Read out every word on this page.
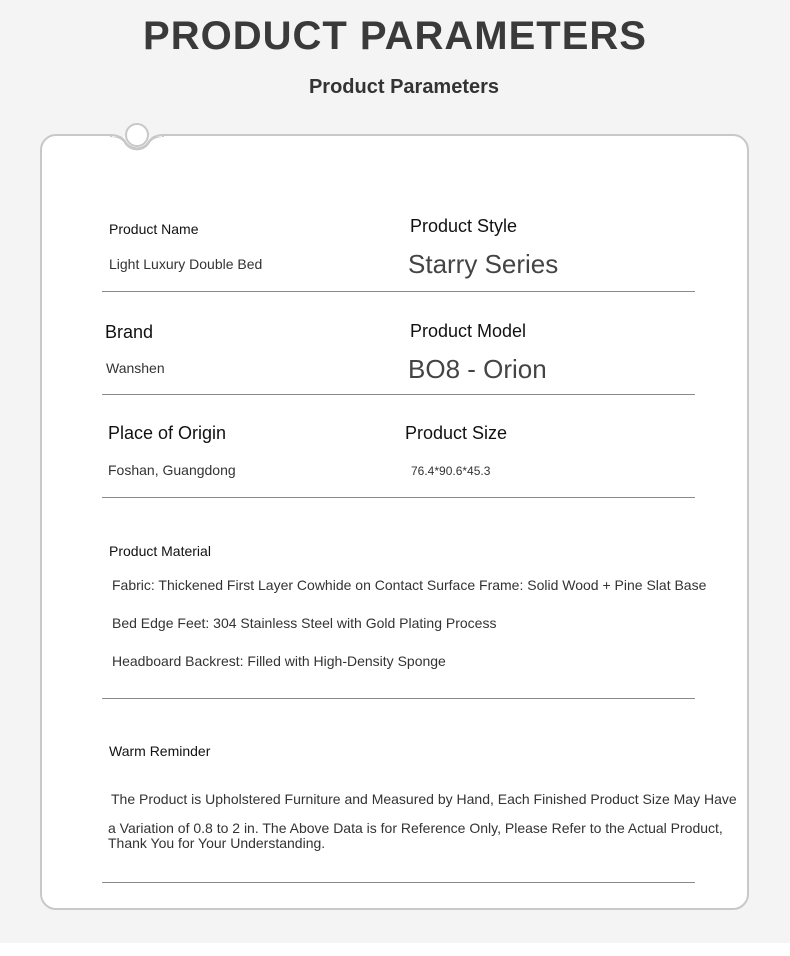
PRODUCT PARAMETERS
Product Parameters
Product Name
Light Luxury Double Bed
Product Style
Starry Series
Brand
Wanshen
Product Model
BO8 - Orion
Place of Origin
Foshan, Guangdong
Product Size
76.4*90.6*45.3
Product Material
Fabric: Thickened First Layer Cowhide on Contact Surface Frame: Solid Wood + Pine Slat Base
Bed Edge Feet: 304 Stainless Steel with Gold Plating Process
Headboard Backrest: Filled with High-Density Sponge
Warm Reminder
The Product is Upholstered Furniture and Measured by Hand, Each Finished Product Size May Have
a Variation of 0.8 to 2 in. The Above Data is for Reference Only, Please Refer to the Actual Product, Thank You for Your Understanding.
